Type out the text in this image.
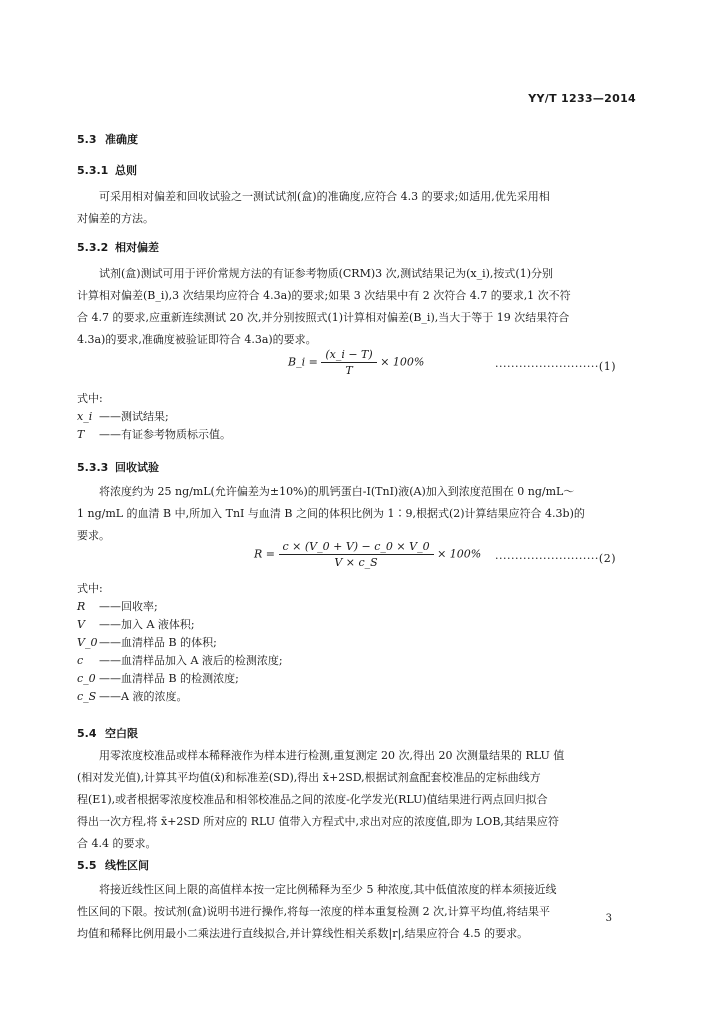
YY/T 1233—2014
5.3 准确度
5.3.1 总则
可采用相对偏差和回收试验之一测试试剂(盒)的准确度,应符合 4.3 的要求;如适用,优先采用相
对偏差的方法。
5.3.2 相对偏差
试剂(盒)测试可用于评价常规方法的有证参考物质(CRM)3 次,测试结果记为(x_i),按式(1)分别
计算相对偏差(B_i),3 次结果均应符合 4.3a)的要求;如果 3 次结果中有 2 次符合 4.7 的要求,1 次不符
合 4.7 的要求,应重新连续测试 20 次,并分别按照式(1)计算相对偏差(B_i),当大于等于 19 次结果符合
4.3a)的要求,准确度被验证即符合 4.3a)的要求。
B_i = $\frac{(x\_i - T)}{T} \times 100\%$	··························(1)
式中:
x_i ——测试结果;
T	——有证参考物质标示值。
5.3.3 回收试验
将浓度约为 25 ng/mL(允许偏差为±10%)的肌钙蛋白-I(TnI)液(A)加入到浓度范围在 0 ng/mL～
1 ng/mL 的血清 B 中,所加入 TnI 与血清 B 之间的体积比例为 1∶9,根据式(2)计算结果应符合 4.3b)的
要求。
$R = \frac{c \times (V\_0 + V) - c\_0 \times V\_0}{V \times c\_S} \times 100\% \cdot\cdot\cdot\cdot\cdot\cdot\cdot\cdot\cdot\cdot\cdot\cdot\cdot\cdot\cdot\cdot\cdot\cdot\cdot\cdot\cdot\cdot\cdot\cdot\cdot\cdot(2)$
式中:
R	——回收率;
V	——加入 A 液体积;
V_0 ——血清样品 B 的体积;
c	——血清样品加入 A 液后的检测浓度;
c_0 ——血清样品 B 的检测浓度;
c_S ——A 液的浓度。
5.4 空白限
用零浓度校准品或样本稀释液作为样本进行检测,重复测定 20 次,得出 20 次测量结果的 RLU 值
(相对发光值),计算其平均值(x̄)和标准差(SD),得出 x̄+2SD,根据试剂盒配套校准品的定标曲线方
程(E1),或者根据零浓度校准品和相邻校准品之间的浓度-化学发光(RLU)值结果进行两点回归拟合
得出一次方程,将 x̄+2SD 所对应的 RLU 值带入方程式中,求出对应的浓度值,即为 LOB,其结果应符
合 4.4 的要求。
5.5 线性区间
将接近线性区间上限的高值样本按一定比例稀释为至少 5 种浓度,其中低值浓度的样本须接近线
性区间的下限。按试剂(盒)说明书进行操作,将每一浓度的样本重复检测 2 次,计算平均值,将结果平
均值和稀释比例用最小二乘法进行直线拟合,并计算线性相关系数|r|,结果应符合 4.5 的要求。
3
